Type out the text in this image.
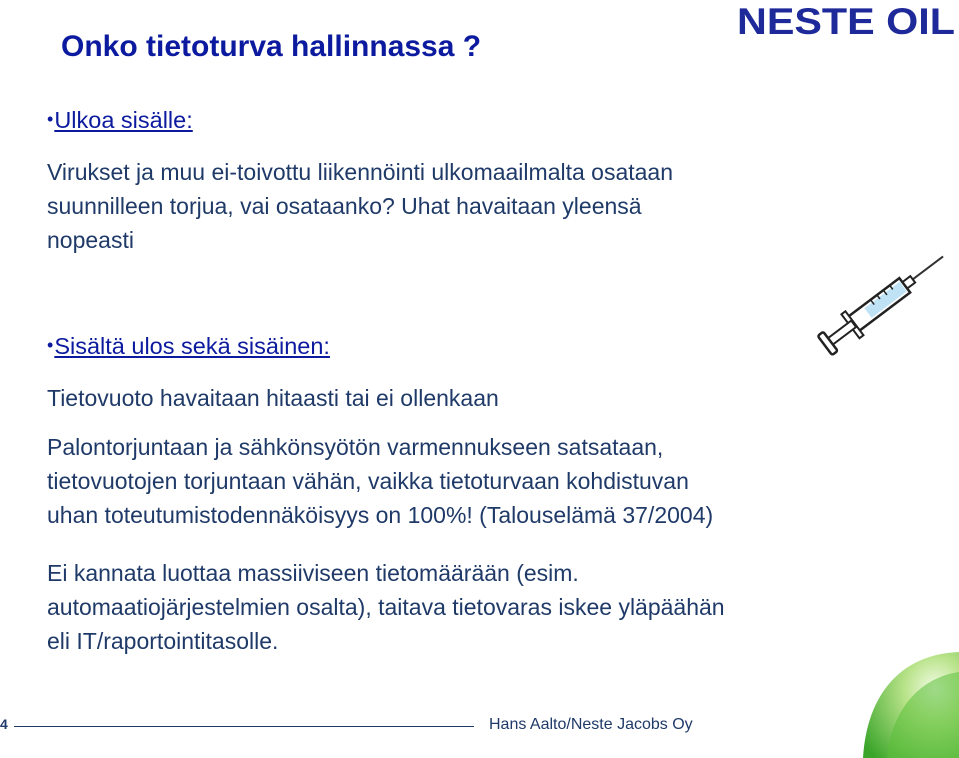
NESTE OIL
Onko tietoturva hallinnassa ?
•Ulkoa sisälle:
Virukset ja muu ei-toivottu liikennöinti ulkomaailmalta osataan
suunnilleen torjua, vai osataanko? Uhat havaitaan yleensä
nopeasti
•Sisältä ulos sekä sisäinen:
Tietovuoto havaitaan hitaasti tai ei ollenkaan
Palontorjuntaan ja sähkönsyötön varmennukseen satsataan,
tietovuotojen torjuntaan vähän, vaikka tietoturvaan kohdistuvan
uhan toteutumistodennäköisyys on 100%! (Talouselämä 37/2004)
Ei kannata luottaa massiiviseen tietomäärään (esim.
automaatiojärjestelmien osalta), taitava tietovaras iskee yläpäähän
eli IT/raportointitasolle.
4	Hans Aalto/Neste Jacobs Oy
